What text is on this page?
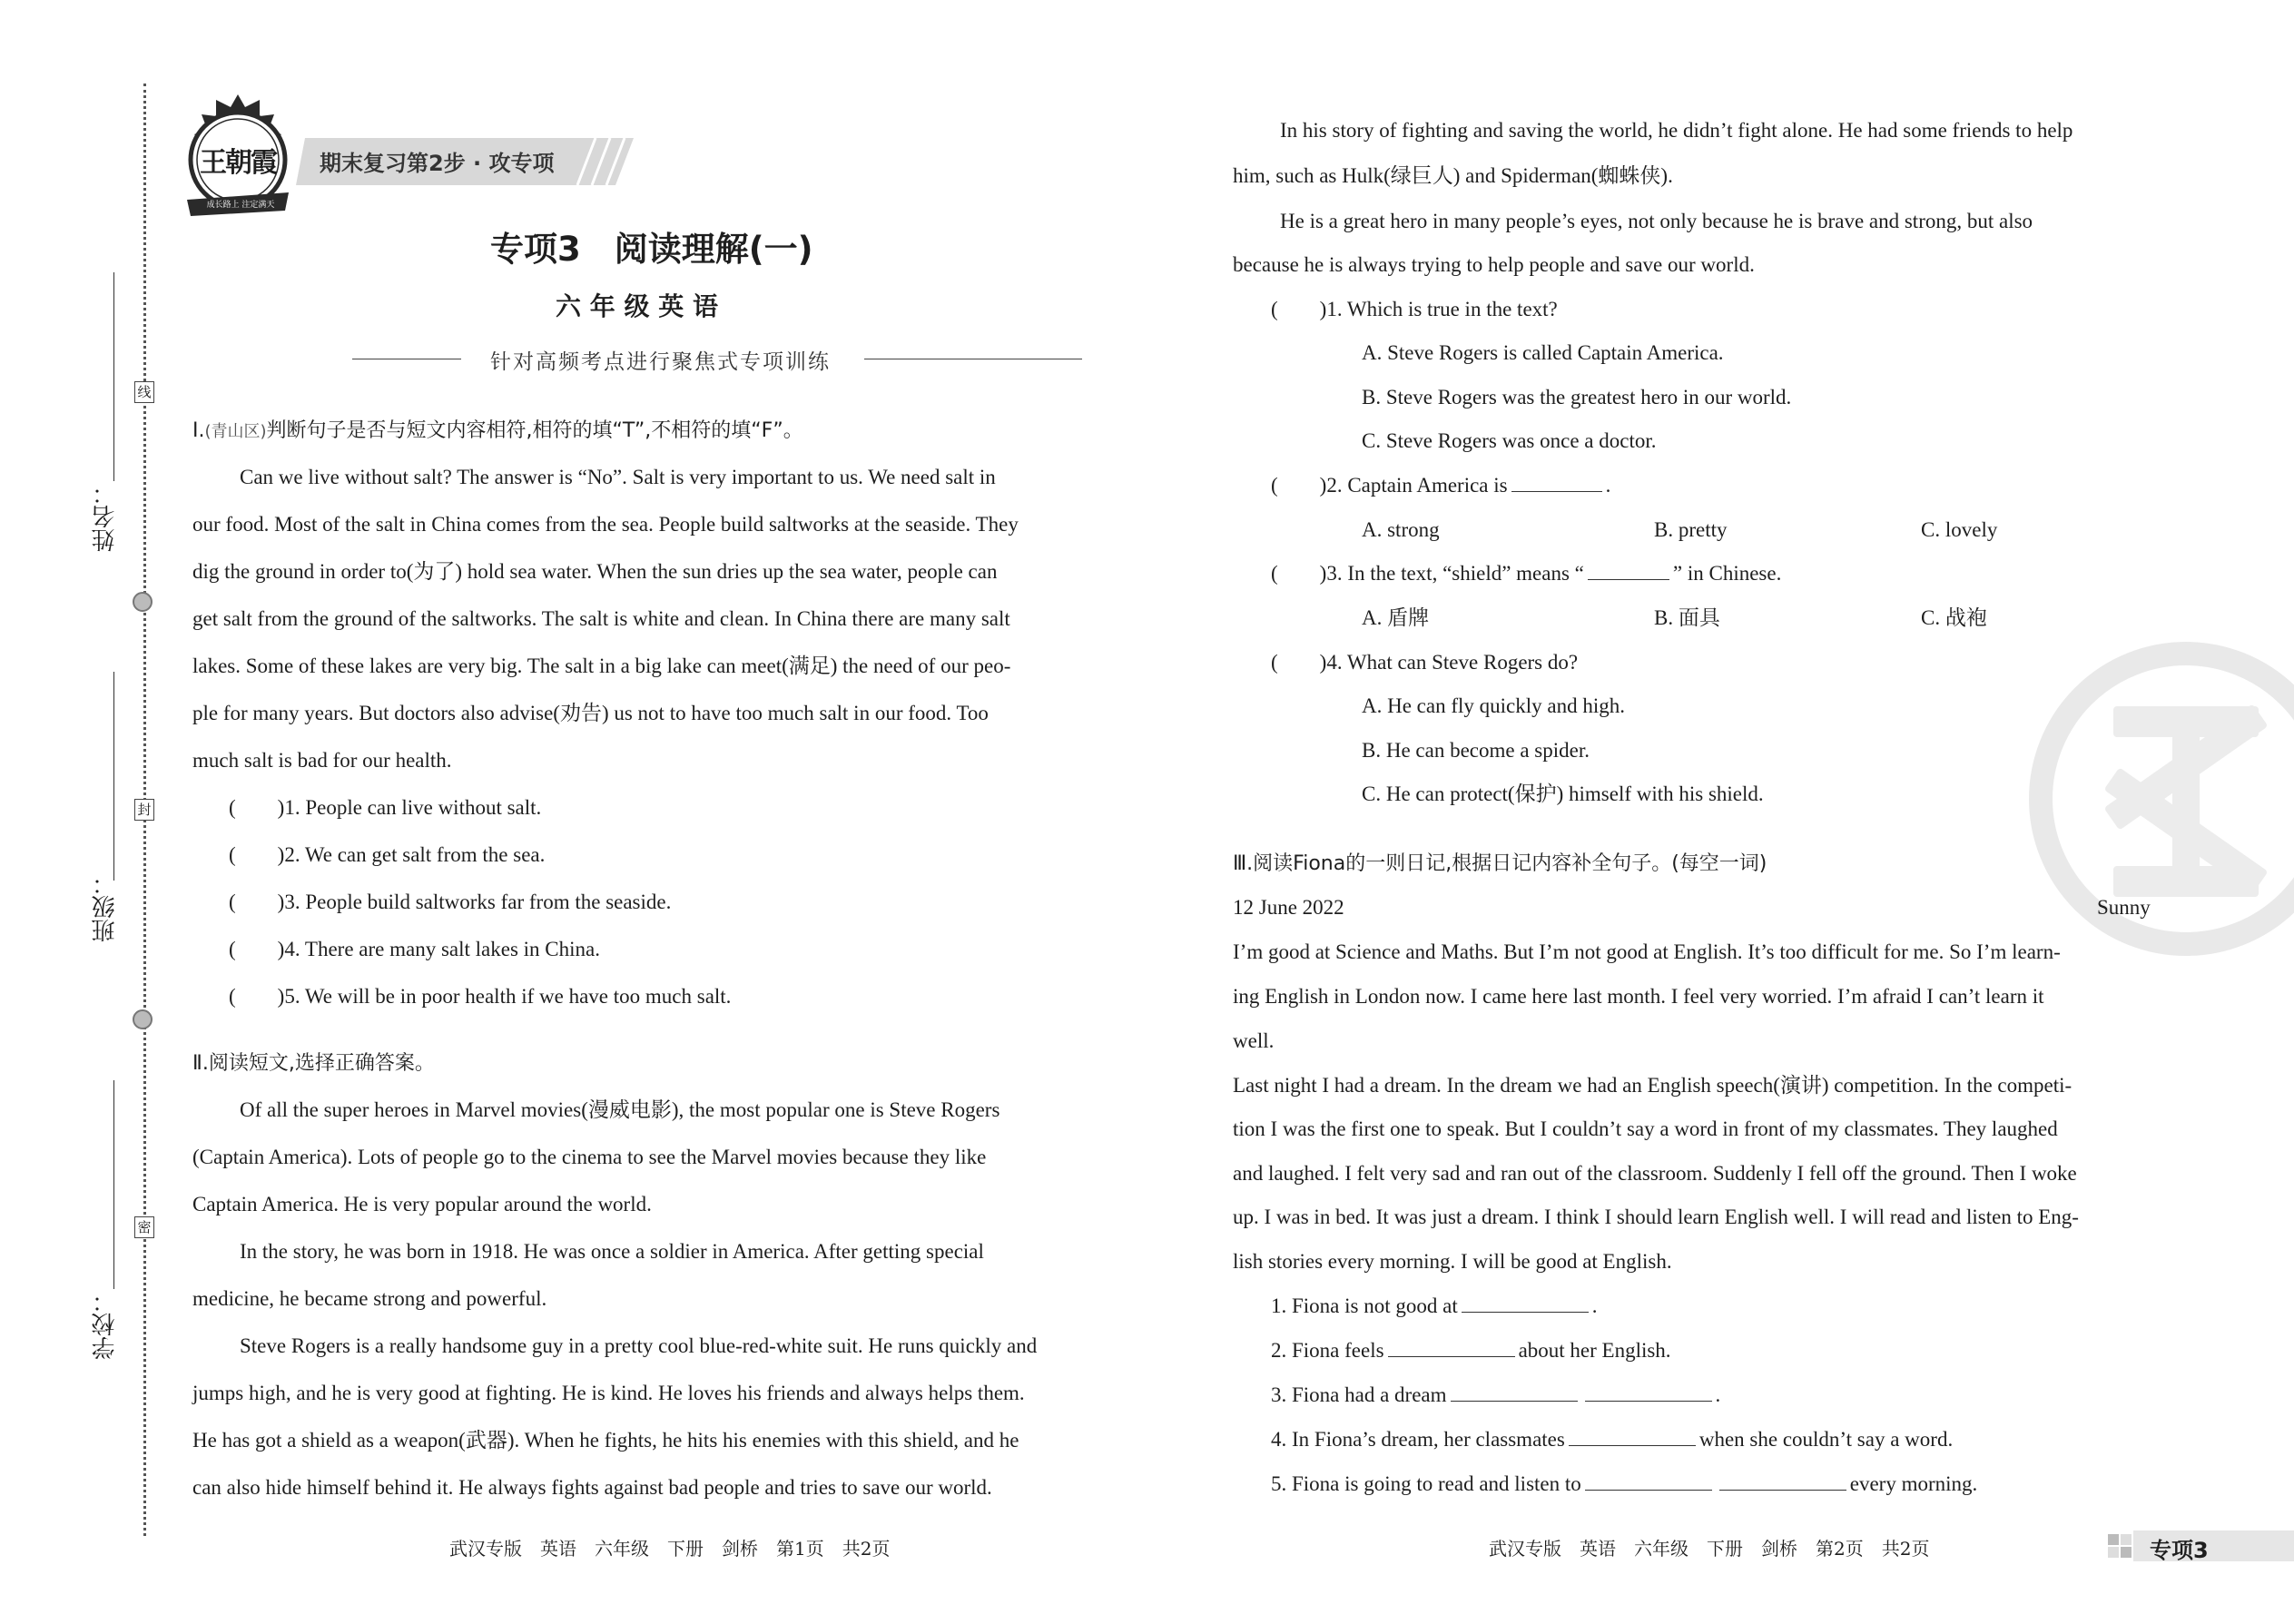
姓名：
班级：
学校：
线
封
密
王朝霞
成长路上 注定满天
期末复习第2步 · 攻专项
专项3　阅读理解(一)
六 年 级 英 语
针对高频考点进行聚焦式专项训练
Ⅰ.(青山区)判断句子是否与短文内容相符,相符的填“T”,不相符的填“F”。
Can we live without salt? The answer is “No”. Salt is very important to us. We need salt in
our food. Most of the salt in China comes from the sea. People build saltworks at the seaside. They
dig the ground in order to(为了) hold sea water. When the sun dries up the sea water, people can
get salt from the ground of the saltworks. The salt is white and clean. In China there are many salt
lakes. Some of these lakes are very big. The salt in a big lake can meet(满足) the need of our peo-
ple for many years. But doctors also advise(劝告) us not to have too much salt in our food. Too
much salt is bad for our health.
(　　)1. People can live without salt.
(　　)2. We can get salt from the sea.
(　　)3. People build saltworks far from the seaside.
(　　)4. There are many salt lakes in China.
(　　)5. We will be in poor health if we have too much salt.
Ⅱ.阅读短文,选择正确答案。
Of all the super heroes in Marvel movies(漫威电影), the most popular one is Steve Rogers
(Captain America). Lots of people go to the cinema to see the Marvel movies because they like
Captain America. He is very popular around the world.
In the story, he was born in 1918. He was once a soldier in America. After getting special
medicine, he became strong and powerful.
Steve Rogers is a really handsome guy in a pretty cool blue-red-white suit. He runs quickly and
jumps high, and he is very good at fighting. He is kind. He loves his friends and always helps them.
He has got a shield as a weapon(武器). When he fights, he hits his enemies with this shield, and he
can also hide himself behind it. He always fights against bad people and tries to save our world.
In his story of fighting and saving the world, he didn’t fight alone. He had some friends to help
him, such as Hulk(绿巨人) and Spiderman(蜘蛛侠).
He is a great hero in many people’s eyes, not only because he is brave and strong, but also
because he is always trying to help people and save our world.
(　　)1. Which is true in the text?
A. Steve Rogers is called Captain America.
B. Steve Rogers was the greatest hero in our world.
C. Steve Rogers was once a doctor.
(　　)2. Captain America is	.
A. strong	B. pretty	C. lovely
(　　)3. In the text, “shield” means “	” in Chinese.
A. 盾牌	B. 面具	C. 战袍
(　　)4. What can Steve Rogers do?
A. He can fly quickly and high.
B. He can become a spider.
C. He can protect(保护) himself with his shield.
Ⅲ.阅读Fiona的一则日记,根据日记内容补全句子。(每空一词)
12 June 2022	Sunny
I’m good at Science and Maths. But I’m not good at English. It’s too difficult for me. So I’m learn-
ing English in London now. I came here last month. I feel very worried. I’m afraid I can’t learn it
well.
Last night I had a dream. In the dream we had an English speech(演讲) competition. In the competi-
tion I was the first one to speak. But I couldn’t say a word in front of my classmates. They laughed
and laughed. I felt very sad and ran out of the classroom. Suddenly I fell off the ground. Then I woke
up. I was in bed. It was just a dream. I think I should learn English well. I will read and listen to Eng-
lish stories every morning. I will be good at English.
1. Fiona is not good at	.
2. Fiona feels	about her English.
3. Fiona had a dream	.
4. In Fiona’s dream, her classmates	when she couldn’t say a word.
5. Fiona is going to read and listen to	every morning.
武汉专版　英语　六年级　下册　剑桥　第1页　共2页	武汉专版　英语　六年级　下册　剑桥　第2页　共2页	专项3
